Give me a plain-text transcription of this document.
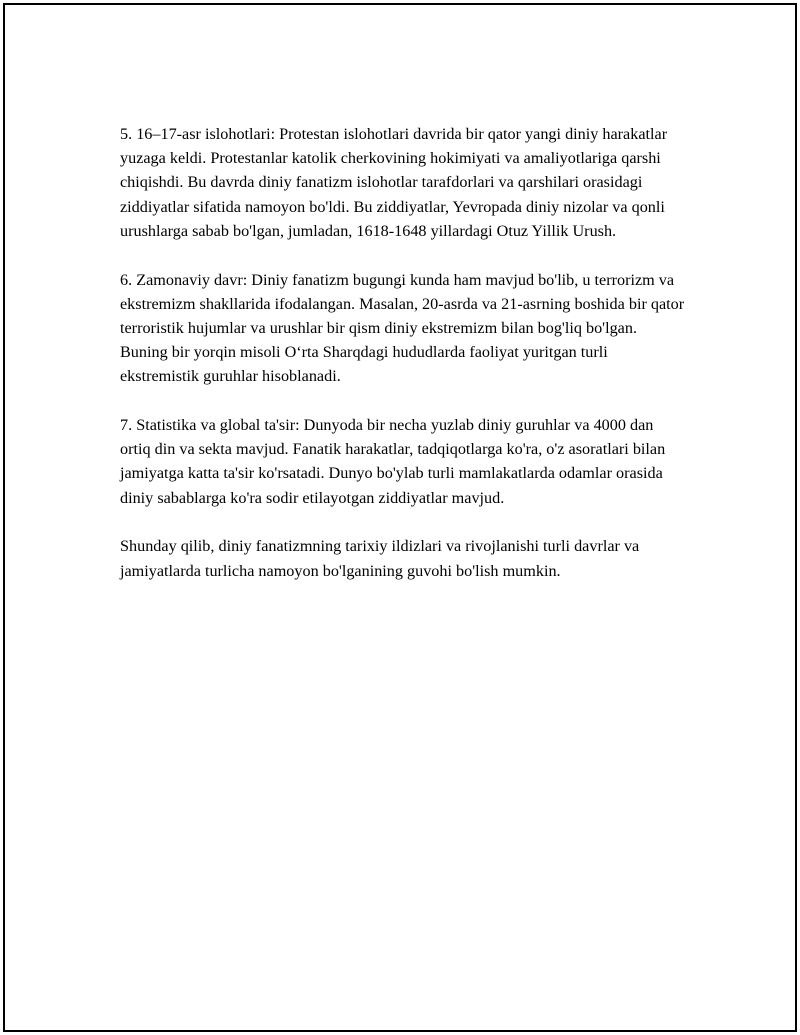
5. 16–17-asr islohotlari: Protestan islohotlari davrida bir qator yangi diniy harakatlar yuzaga keldi. Protestanlar katolik cherkovining hokimiyati va amaliyotlariga qarshi chiqishdi. Bu davrda diniy fanatizm islohotlar tarafdorlari va qarshilari orasidagi ziddiyatlar sifatida namoyon bo'ldi. Bu ziddiyatlar, Yevropada diniy nizolar va qonli urushlarga sabab bo'lgan, jumladan, 1618-1648 yillardagi Otuz Yillik Urush.

6. Zamonaviy davr: Diniy fanatizm bugungi kunda ham mavjud bo'lib, u terrorizm va ekstremizm shakllarida ifodalangan. Masalan, 20-asrda va 21-asrning boshida bir qator terroristik hujumlar va urushlar bir qism diniy ekstremizm bilan bog'liq bo'lgan. Buning bir yorqin misoli O‘rta Sharqdagi hududlarda faoliyat yuritgan turli ekstremistik guruhlar hisoblanadi.

7. Statistika va global ta'sir: Dunyoda bir necha yuzlab diniy guruhlar va 4000 dan ortiq din va sekta mavjud. Fanatik harakatlar, tadqiqotlarga ko'ra, o'z asoratlari bilan jamiyatga katta ta'sir ko'rsatadi. Dunyo bo'ylab turli mamlakatlarda odamlar orasida diniy sabablarga ko'ra sodir etilayotgan ziddiyatlar mavjud.

Shunday qilib, diniy fanatizmning tarixiy ildizlari va rivojlanishi turli davrlar va jamiyatlarda turlicha namoyon bo'lganining guvohi bo'lish mumkin.
